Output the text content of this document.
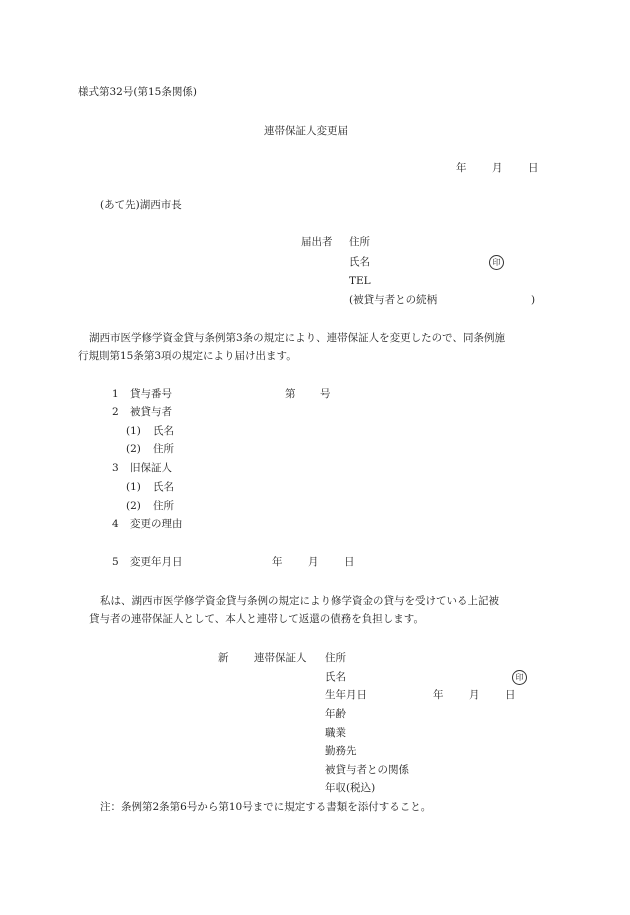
様式第32号(第15条関係)
連帯保証人変更届
年 月 日
(あて先)湖西市長
届出者 住所
氏名	印
TEL
(被貸与者との続柄	)
湖西市医学修学資金貸与条例第3条の規定により、連帯保証人を変更したので、同条例施
行規則第15条第3項の規定により届け出ます。
1 貸与番号	第 号
2 被貸与者
(1) 氏名
(2) 住所
3 旧保証人
(1) 氏名
(2) 住所
4 変更の理由
5 変更年月日	年 月 日
私は、湖西市医学修学資金貸与条例の規定により修学資金の貸与を受けている上記被
貸与者の連帯保証人として、本人と連帯して返還の債務を負担します。
新 連帯保証人 住所
氏名	印
生年月日	年 月 日
年齢
職業
勤務先
被貸与者との関係
年収(税込)
注：条例第2条第6号から第10号までに規定する書類を添付すること。
